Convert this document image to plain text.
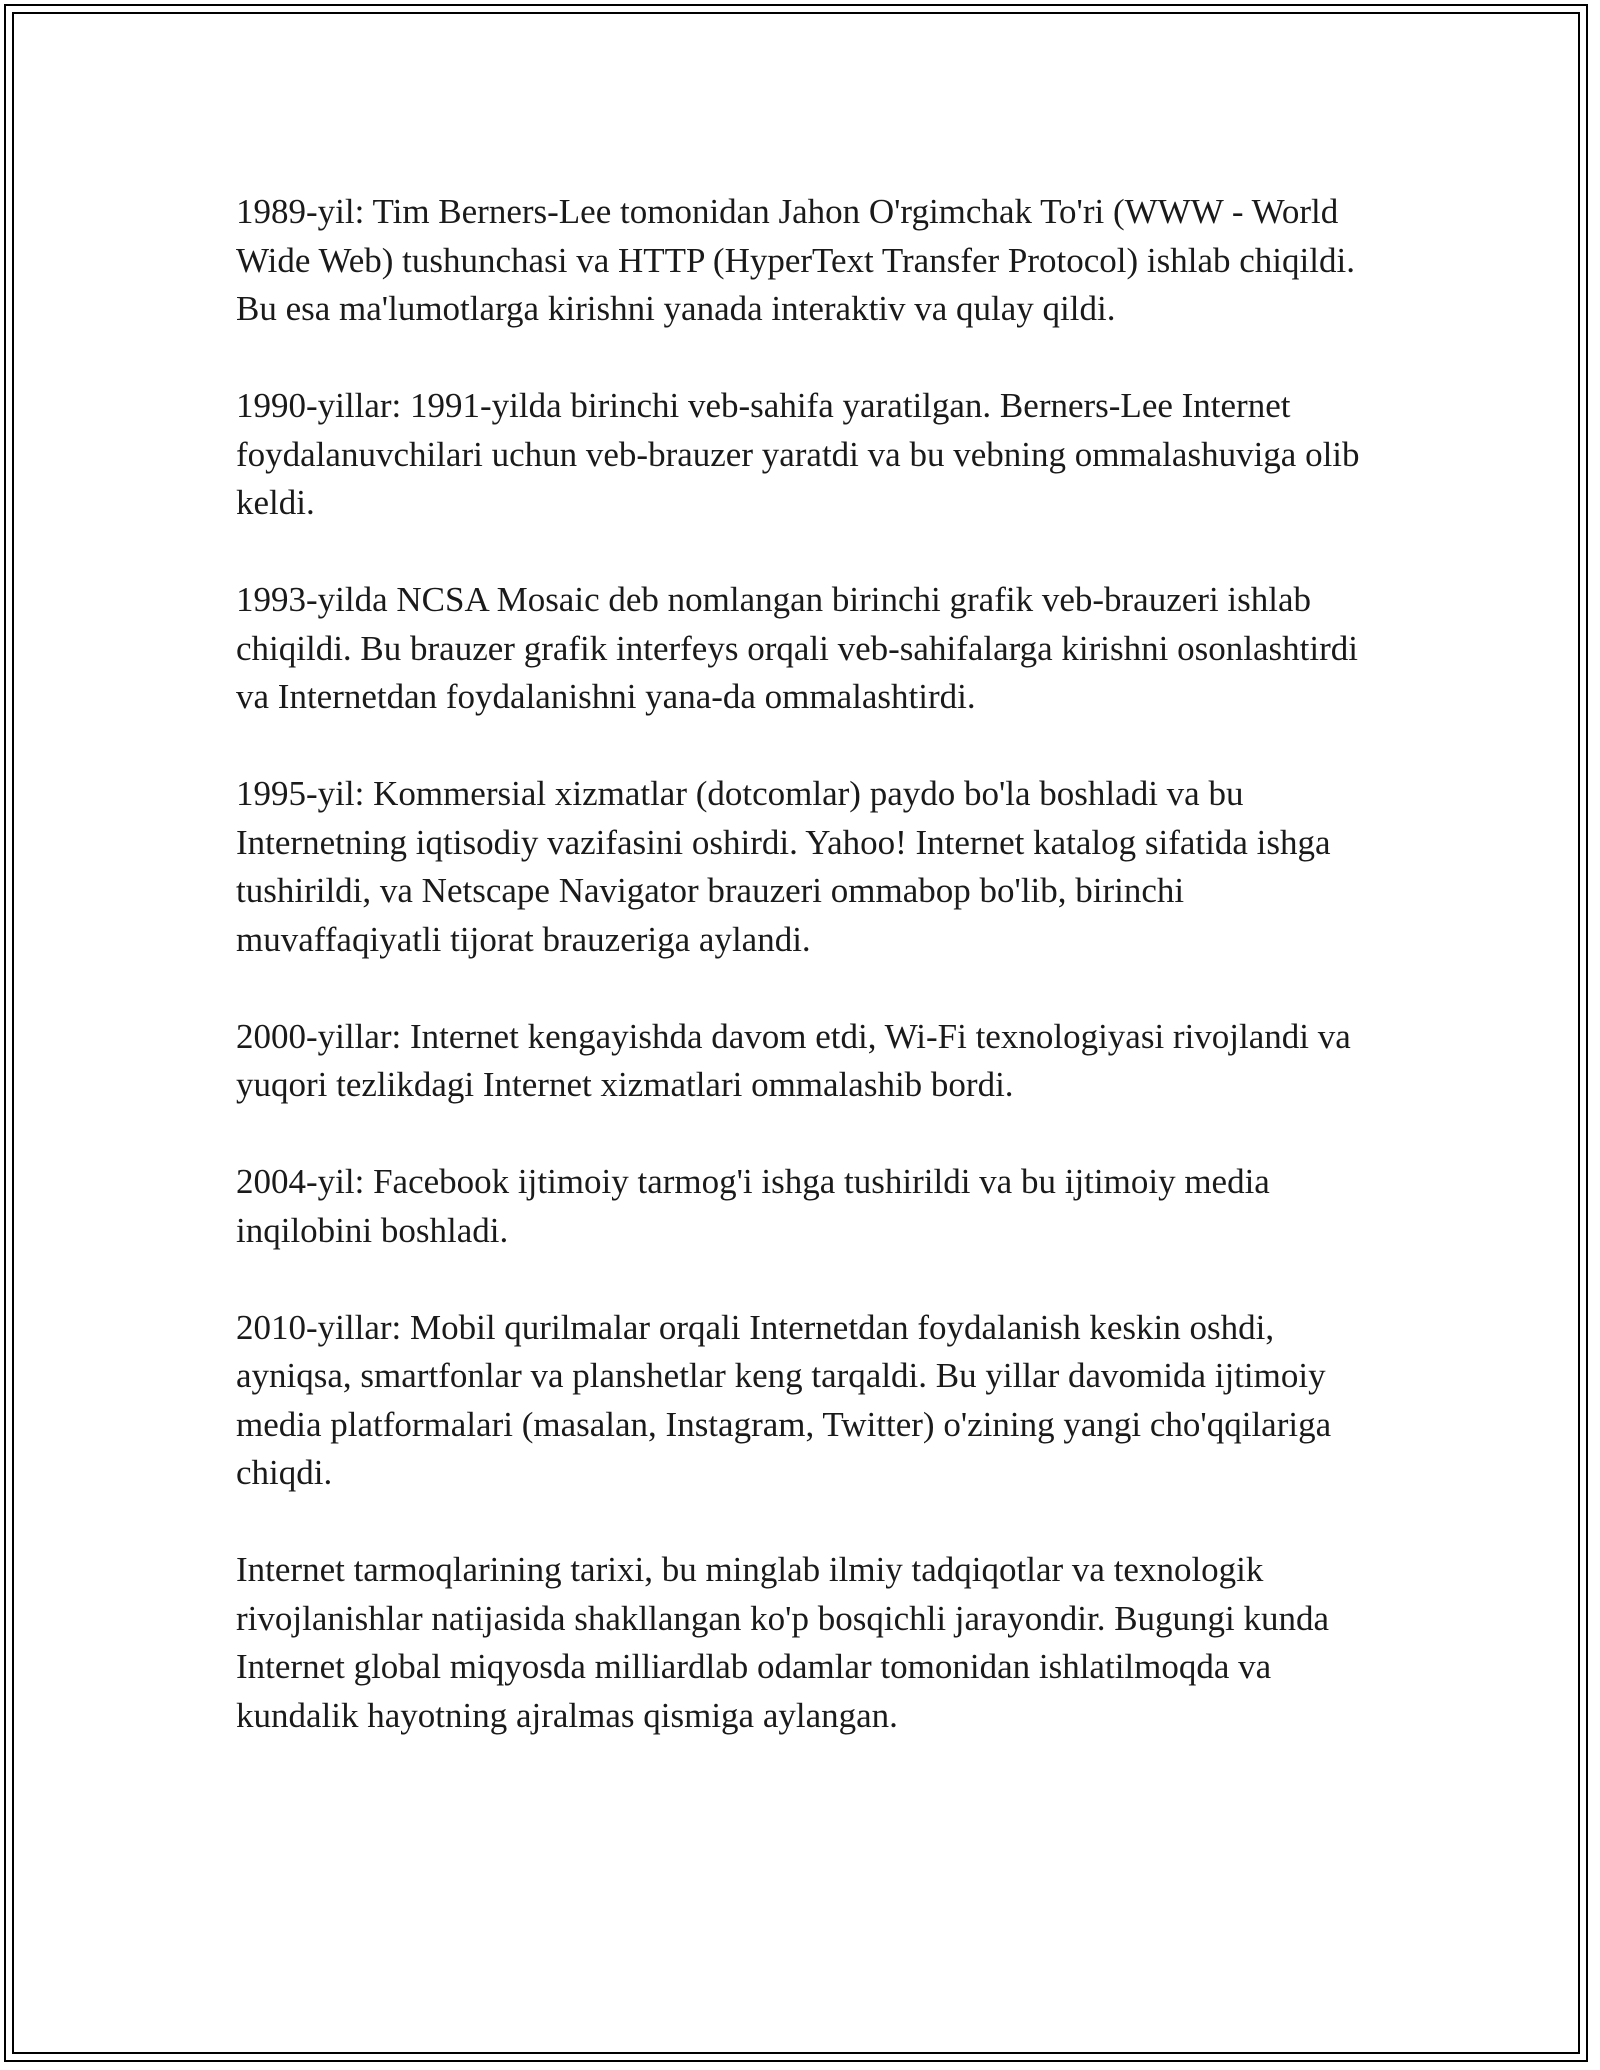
1989-yil: Tim Berners-Lee tomonidan Jahon O'rgimchak To'ri (WWW - World Wide Web) tushunchasi va HTTP (HyperText Transfer Protocol) ishlab chiqildi. Bu esa ma'lumotlarga kirishni yanada interaktiv va qulay qildi.

1990-yillar: 1991-yilda birinchi veb-sahifa yaratilgan. Berners-Lee Internet foydalanuvchilari uchun veb-brauzer yaratdi va bu vebning ommalashuviga olib keldi.

1993-yilda NCSA Mosaic deb nomlangan birinchi grafik veb-brauzeri ishlab chiqildi. Bu brauzer grafik interfeys orqali veb-sahifalarga kirishni osonlashtirdi va Internetdan foydalanishni yana-da ommalashtirdi.

1995-yil: Kommersial xizmatlar (dotcomlar) paydo bo'la boshladi va bu Internetning iqtisodiy vazifasini oshirdi. Yahoo! Internet katalog sifatida ishga tushirildi, va Netscape Navigator brauzeri ommabop bo'lib, birinchi muvaffaqiyatli tijorat brauzeriga aylandi.

2000-yillar: Internet kengayishda davom etdi, Wi-Fi texnologiyasi rivojlandi va yuqori tezlikdagi Internet xizmatlari ommalashib bordi.

2004-yil: Facebook ijtimoiy tarmog'i ishga tushirildi va bu ijtimoiy media inqilobini boshladi.

2010-yillar: Mobil qurilmalar orqali Internetdan foydalanish keskin oshdi, ayniqsa, smartfonlar va planshetlar keng tarqaldi. Bu yillar davomida ijtimoiy media platformalari (masalan, Instagram, Twitter) o'zining yangi cho'qqilariga chiqdi.

Internet tarmoqlarining tarixi, bu minglab ilmiy tadqiqotlar va texnologik rivojlanishlar natijasida shakllangan ko'p bosqichli jarayondir. Bugungi kunda Internet global miqyosda milliardlab odamlar tomonidan ishlatilmoqda va kundalik hayotning ajralmas qismiga aylangan.
